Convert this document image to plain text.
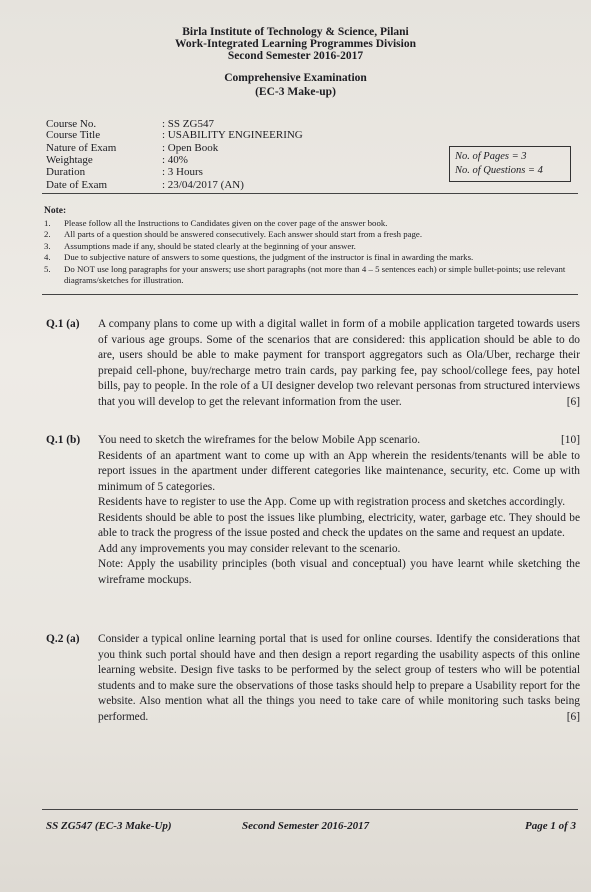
Birla Institute of Technology & Science, Pilani
Work-Integrated Learning Programmes Division
Second Semester 2016-2017
Comprehensive Examination
(EC-3 Make-up)
Course No.	: SS ZG547
Course Title	: USABILITY ENGINEERING
Nature of Exam	: Open Book
Weightage	: 40%
Duration	: 3 Hours
Date of Exam	: 23/04/2017 (AN)
No. of Pages = 3
No. of Questions = 4
Note:
1. Please follow all the Instructions to Candidates given on the cover page of the answer book.
2. All parts of a question should be answered consecutively. Each answer should start from a fresh page.
3. Assumptions made if any, should be stated clearly at the beginning of your answer.
4. Due to subjective nature of answers to some questions, the judgment of the instructor is final in awarding the marks.
5. Do NOT use long paragraphs for your answers; use short paragraphs (not more than 4 – 5 sentences each) or simple bullet-points; use relevant diagrams/sketches for illustration.
Q.1 (a) A company plans to come up with a digital wallet in form of a mobile application targeted towards users of various age groups. Some of the scenarios that are considered: this application should be able to do are, users should be able to make payment for transport aggregators such as Ola/Uber, recharge their prepaid cell-phone, buy/recharge metro train cards, pay parking fee, pay school/college fees, pay hotel bills, pay to people. In the role of a UI designer develop two relevant personas from structured interviews that you will develop to get the relevant information from the user.	[6]

Q.1 (b) You need to sketch the wireframes for the below Mobile App scenario.	[10]

Residents of an apartment want to come up with an App wherein the residents/tenants will be able to report issues in the apartment under different categories like maintenance, security, etc. Come up with minimum of 5 categories.

Residents have to register to use the App. Come up with registration process and sketches accordingly.

Residents should be able to post the issues like plumbing, electricity, water, garbage etc. They should be able to track the progress of the issue posted and check the updates on the same and request an update.

Add any improvements you may consider relevant to the scenario.

Note: Apply the usability principles (both visual and conceptual) you have learnt while sketching the wireframe mockups.

Q.2 (a) Consider a typical online learning portal that is used for online courses. Identify the considerations that you think such portal should have and then design a report regarding the usability aspects of this online learning website. Design five tasks to be performed by the select group of testers who will be potential students and to make sure the observations of those tasks should help to prepare a Usability report for the website. Also mention what all the things you need to take care of while monitoring such tasks being performed.	[6]

SS ZG547 (EC-3 Make-Up)	Second Semester 2016-2017	Page 1 of 3
